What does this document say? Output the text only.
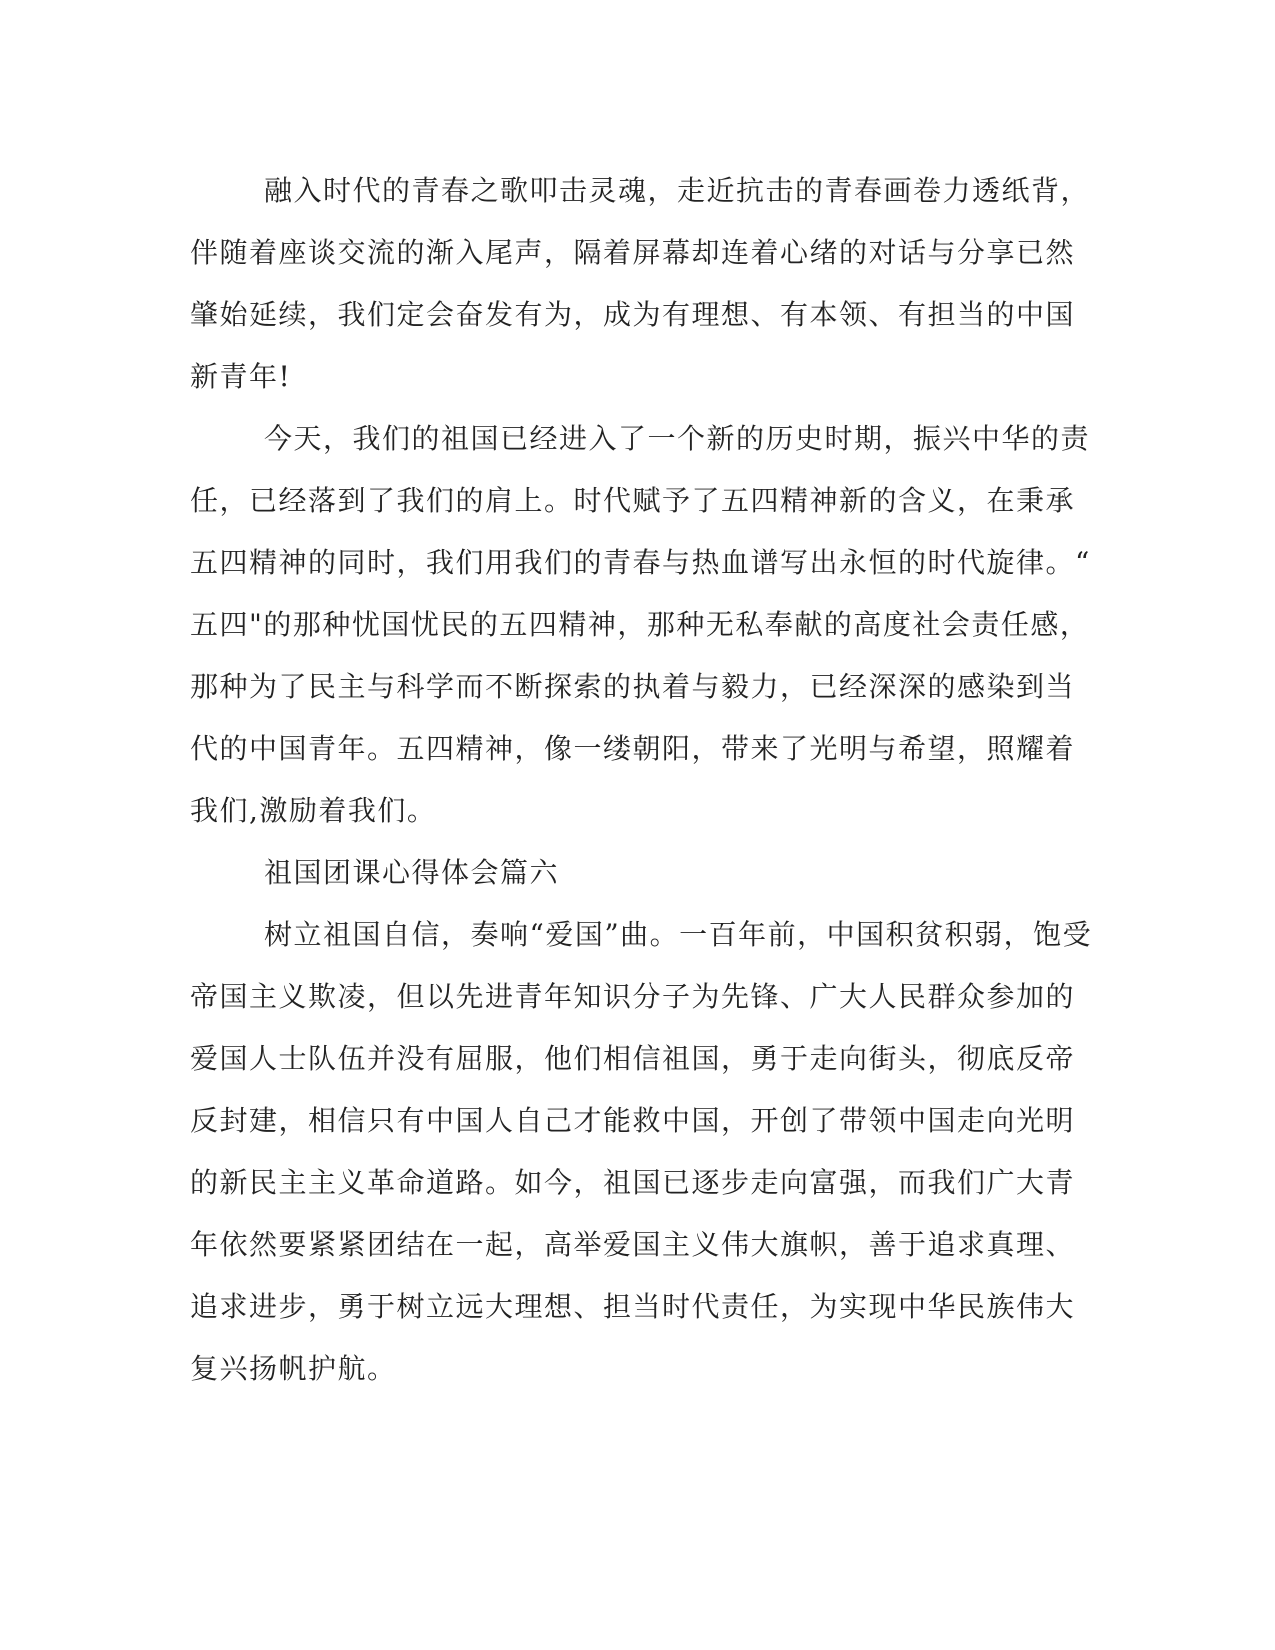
融入时代的青春之歌叩击灵魂，走近抗击的青春画卷力透纸背，
伴随着座谈交流的渐入尾声，隔着屏幕却连着心绪的对话与分享已然
肇始延续，我们定会奋发有为，成为有理想、有本领、有担当的中国
新青年!
今天，我们的祖国已经进入了一个新的历史时期，振兴中华的责
任，已经落到了我们的肩上。时代赋予了五四精神新的含义，在秉承
五四精神的同时，我们用我们的青春与热血谱写出永恒的时代旋律。“
五四"的那种忧国忧民的五四精神，那种无私奉献的高度社会责任感，
那种为了民主与科学而不断探索的执着与毅力，已经深深的感染到当
代的中国青年。五四精神，像一缕朝阳，带来了光明与希望，照耀着
我们,激励着我们。
祖国团课心得体会篇六
树立祖国自信，奏响“爱国”曲。一百年前，中国积贫积弱，饱受
帝国主义欺凌，但以先进青年知识分子为先锋、广大人民群众参加的
爱国人士队伍并没有屈服，他们相信祖国，勇于走向街头，彻底反帝
反封建，相信只有中国人自己才能救中国，开创了带领中国走向光明
的新民主主义革命道路。如今，祖国已逐步走向富强，而我们广大青
年依然要紧紧团结在一起，高举爱国主义伟大旗帜，善于追求真理、
追求进步，勇于树立远大理想、担当时代责任，为实现中华民族伟大
复兴扬帆护航。
